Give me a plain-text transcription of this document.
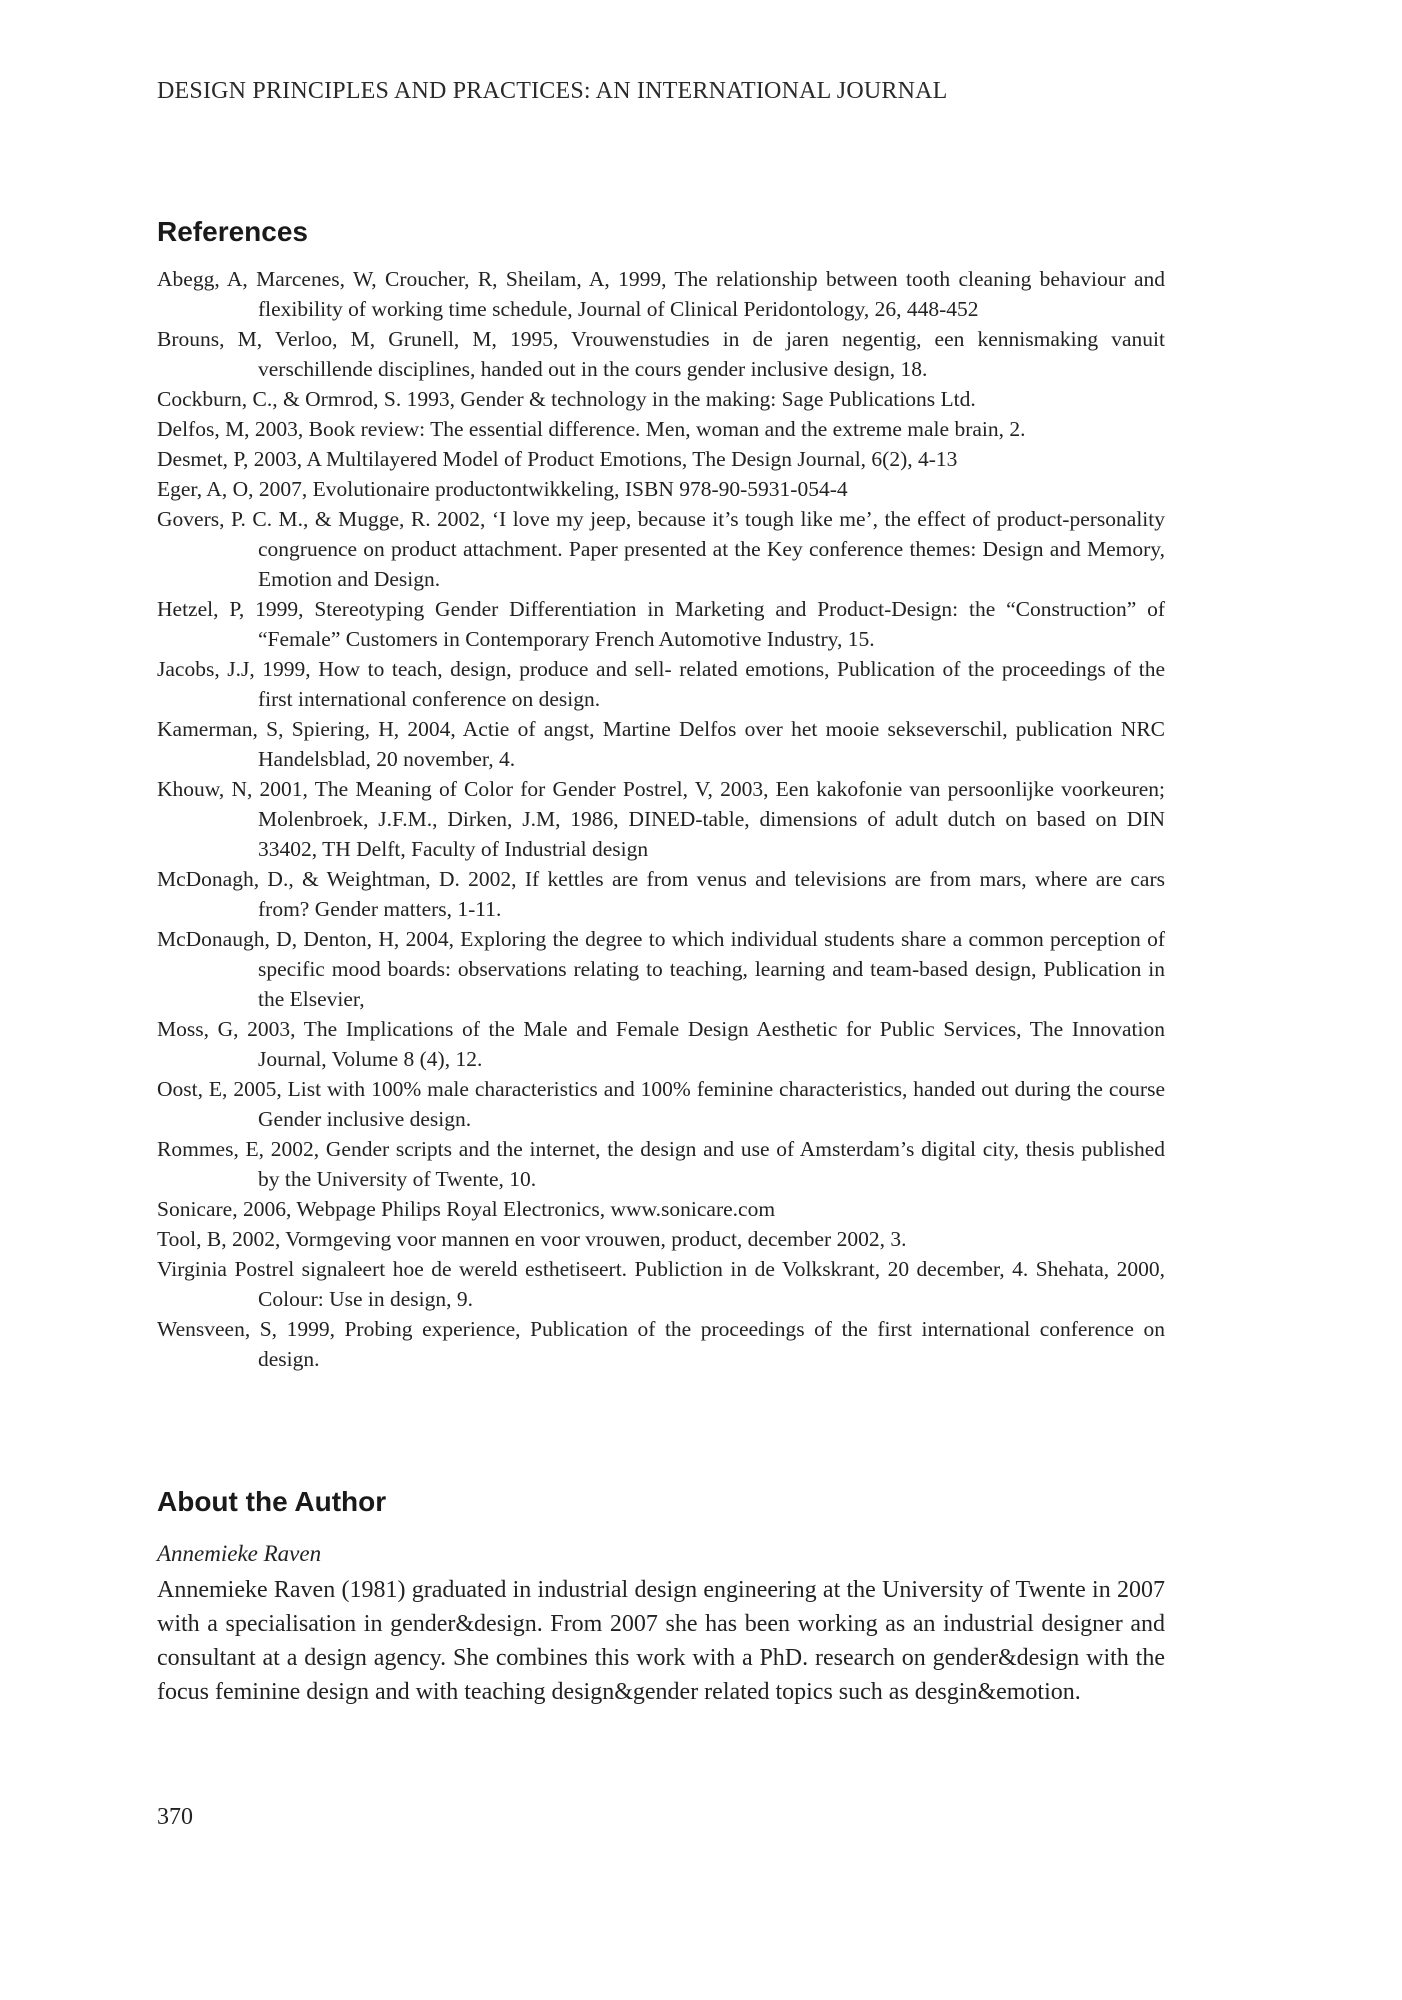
DESIGN PRINCIPLES AND PRACTICES: AN INTERNATIONAL JOURNAL
References
Abegg, A, Marcenes, W, Croucher, R, Sheilam, A, 1999, The relationship between tooth cleaning behaviour and flexibility of working time schedule, Journal of Clinical Peridontology, 26, 448-452
Brouns, M, Verloo, M, Grunell, M, 1995, Vrouwenstudies in de jaren negentig, een kennismaking vanuit verschillende disciplines, handed out in the cours gender inclusive design, 18.
Cockburn, C., & Ormrod, S. 1993, Gender & technology in the making: Sage Publications Ltd.
Delfos, M, 2003, Book review: The essential difference. Men, woman and the extreme male brain, 2.
Desmet, P, 2003, A Multilayered Model of Product Emotions, The Design Journal, 6(2), 4-13
Eger, A, O, 2007, Evolutionaire productontwikkeling, ISBN 978-90-5931-054-4
Govers, P. C. M., & Mugge, R. 2002, ‘I love my jeep, because it’s tough like me’, the effect of product-personality congruence on product attachment. Paper presented at the Key conference themes: Design and Memory, Emotion and Design.
Hetzel, P, 1999, Stereotyping Gender Differentiation in Marketing and Product-Design: the “Construction” of “Female” Customers in Contemporary French Automotive Industry, 15.
Jacobs, J.J, 1999, How to teach, design, produce and sell- related emotions, Publication of the proceedings of the first international conference on design.
Kamerman, S, Spiering, H, 2004, Actie of angst, Martine Delfos over het mooie sekseverschil, publication NRC Handelsblad, 20 november, 4.
Khouw, N, 2001, The Meaning of Color for Gender Postrel, V, 2003, Een kakofonie van persoonlijke voorkeuren; Molenbroek, J.F.M., Dirken, J.M, 1986, DINED-table, dimensions of adult dutch on based on DIN 33402, TH Delft, Faculty of Industrial design
McDonagh, D., & Weightman, D. 2002, If kettles are from venus and televisions are from mars, where are cars from? Gender matters, 1-11.
McDonaugh, D, Denton, H, 2004, Exploring the degree to which individual students share a common perception of specific mood boards: observations relating to teaching, learning and team-based design, Publication in the Elsevier,
Moss, G, 2003, The Implications of the Male and Female Design Aesthetic for Public Services, The Innovation Journal, Volume 8 (4), 12.
Oost, E, 2005, List with 100% male characteristics and 100% feminine characteristics, handed out during the course Gender inclusive design.
Rommes, E, 2002, Gender scripts and the internet, the design and use of Amsterdam’s digital city, thesis published by the University of Twente, 10.
Sonicare, 2006, Webpage Philips Royal Electronics, www.sonicare.com
Tool, B, 2002, Vormgeving voor mannen en voor vrouwen, product, december 2002, 3.
Virginia Postrel signaleert hoe de wereld esthetiseert. Publiction in de Volkskrant, 20 december, 4. Shehata, 2000, Colour: Use in design, 9.
Wensveen, S, 1999, Probing experience, Publication of the proceedings of the first international conference on design.
About the Author
Annemieke Raven

Annemieke Raven (1981) graduated in industrial design engineering at the University of Twente in 2007 with a specialisation in gender&design. From 2007 she has been working as an industrial designer and consultant at a design agency. She combines this work with a PhD. research on gender&design with the focus feminine design and with teaching design&gender related topics such as desgin&emotion.

370
